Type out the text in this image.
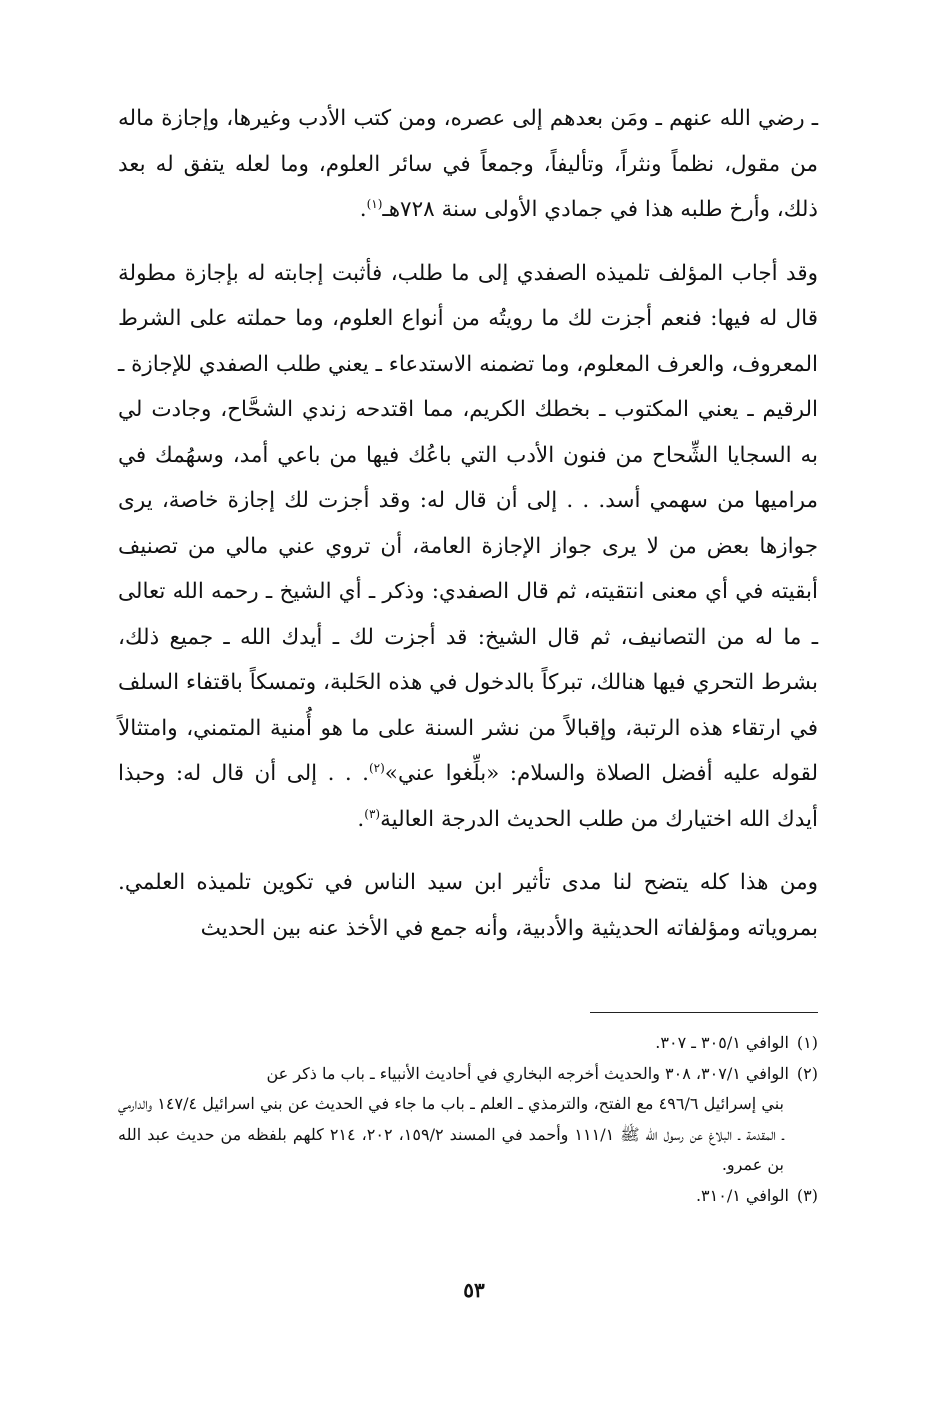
ـ رضي الله عنهم ـ ومَن بعدهم إلى عصره، ومن كتب الأدب وغيرها، وإجازة ماله من مقول، نظماً ونثراً، وتأليفاً، وجمعاً في سائر العلوم، وما لعله يتفق له بعد ذلك، وأرخ طلبه هذا في جمادي الأولى سنة ٧٢٨هـ$^{(١)}$.

وقد أجاب المؤلف تلميذه الصفدي إلى ما طلب، فأثبت إجابته له بإجازة مطولة قال له فيها: فنعم أجزت لك ما رويتُه من أنواع العلوم، وما حملته على الشرط المعروف، والعرف المعلوم، وما تضمنه الاستدعاء ـ يعني طلب الصفدي للإجازة ـ الرقيم ـ يعني المكتوب ـ بخطك الكريم، مما اقتدحه زندي الشحَّاح، وجادت لي به السجايا الشِّحاح من فنون الأدب التي باعُك فيها من باعي أمد، وسهُمك في مراميها من سهمي أسد. . . إلى أن قال له: وقد أجزت لك إجازة خاصة، يرى جوازها بعض من لا يرى جواز الإجازة العامة، أن تروي عني مالي من تصنيف أبقيته في أي معنى انتقيته، ثم قال الصفدي: وذكر ـ أي الشيخ ـ رحمه الله تعالى ـ ما له من التصانيف، ثم قال الشيخ: قد أجزت لك ـ أيدك الله ـ جميع ذلك، بشرط التحري فيها هنالك، تبركاً بالدخول في هذه الحَلبة، وتمسكاً باقتفاء السلف في ارتقاء هذه الرتبة، وإقبالاً من نشر السنة على ما هو أُمنية المتمني، وامتثالاً لقوله عليه أفضل الصلاة والسلام: «بلِّغوا عني»$^{(٢)}$. . . إلى أن قال له: وحبذا أيدك الله اختيارك من طلب الحديث الدرجة العالية$^{(٣)}$.

ومن هذا كله يتضح لنا مدى تأثير ابن سيد الناس في تكوين تلميذه العلمي. بمروياته ومؤلفاته الحديثية والأدبية، وأنه جمع في الأخذ عنه بين الحديث

(١)الوافي ٣٠٥/١ ـ ٣٠٧.

(٢)الوافي ٣٠٧/١، ٣٠٨ والحديث أخرجه البخاري في أحاديث الأنبياء ـ باب ما ذكر عن

بني إسرائيل ٤٩٦/٦ مع الفتح، والترمذي ـ العلم ـ باب ما جاء في الحديث عن بني اسرائيل ١٤٧/٤ والدارمي ـ المقدمة ـ البلاغ عن رسول الله ﷺ ١١١/١ وأحمد في المسند ١٥٩/٢، ٢٠٢، ٢١٤ كلهم بلفظه من حديث عبد الله بن عمرو.

(٣)الوافي ٣١٠/١.

٥٣
